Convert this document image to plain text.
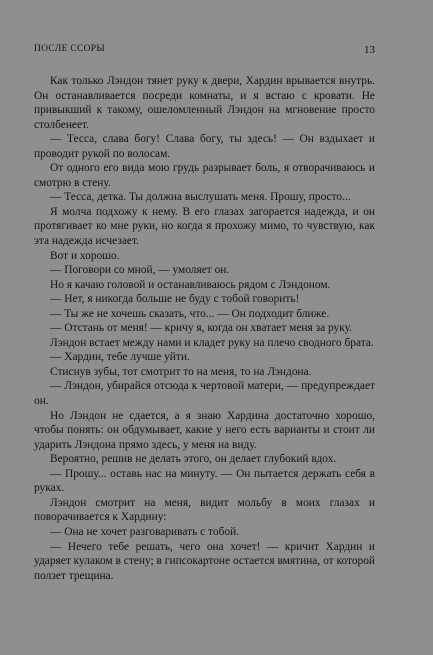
ПОСЛЕ ССОРЫ	13

Как только Лэндон тянет руку к двери, Хардин врывается внутрь. Он останавливается посреди комнаты, и я встаю с кровати. Не привыкший к такому, ошеломленный Лэндон на мгновение просто столбенеет.

— Тесса, слава богу! Слава богу, ты здесь! — Он вздыхает и проводит рукой по волосам.

От одного его вида мою грудь разрывает боль, я отворачиваюсь и смотрю в стену.

— Тесса, детка. Ты должна выслушать меня. Прошу, просто...

Я молча подхожу к нему. В его глазах загорается надежда, и он протягивает ко мне руки, но когда я прохожу мимо, то чувствую, как эта надежда исчезает.

Вот и хорошо.

— Поговори со мной, — умоляет он.

Но я качаю головой и останавливаюсь рядом с Лэндоном.

— Нет, я никогда больше не буду с тобой говорить!

— Ты же не хочешь сказать, что... — Он подходит ближе.

— Отстань от меня! — кричу я, когда он хватает меня за руку.

Лэндон встает между нами и кладет руку на плечо сводного брата.

— Хардин, тебе лучше уйти.

Стиснув зубы, тот смотрит то на меня, то на Лэндона.

— Лэндон, убирайся отсюда к чертовой матери, — предупреждает он.

Но Лэндон не сдается, а я знаю Хардина достаточно хорошо, чтобы понять: он обдумывает, какие у него есть варианты и стоит ли ударить Лэндона прямо здесь, у меня на виду.

Вероятно, решив не делать этого, он делает глубокий вдох.

— Прошу... оставь нас на минуту. — Он пытается держать себя в руках.

Лэндон смотрит на меня, видит мольбу в моих глазах и поворачивается к Хардину:

— Она не хочет разговаривать с тобой.

— Нечего тебе решать, чего она хочет! — кричит Хардин и ударяет кулаком в стену; в гипсокартоне остается вмятина, от которой ползет трещина.
